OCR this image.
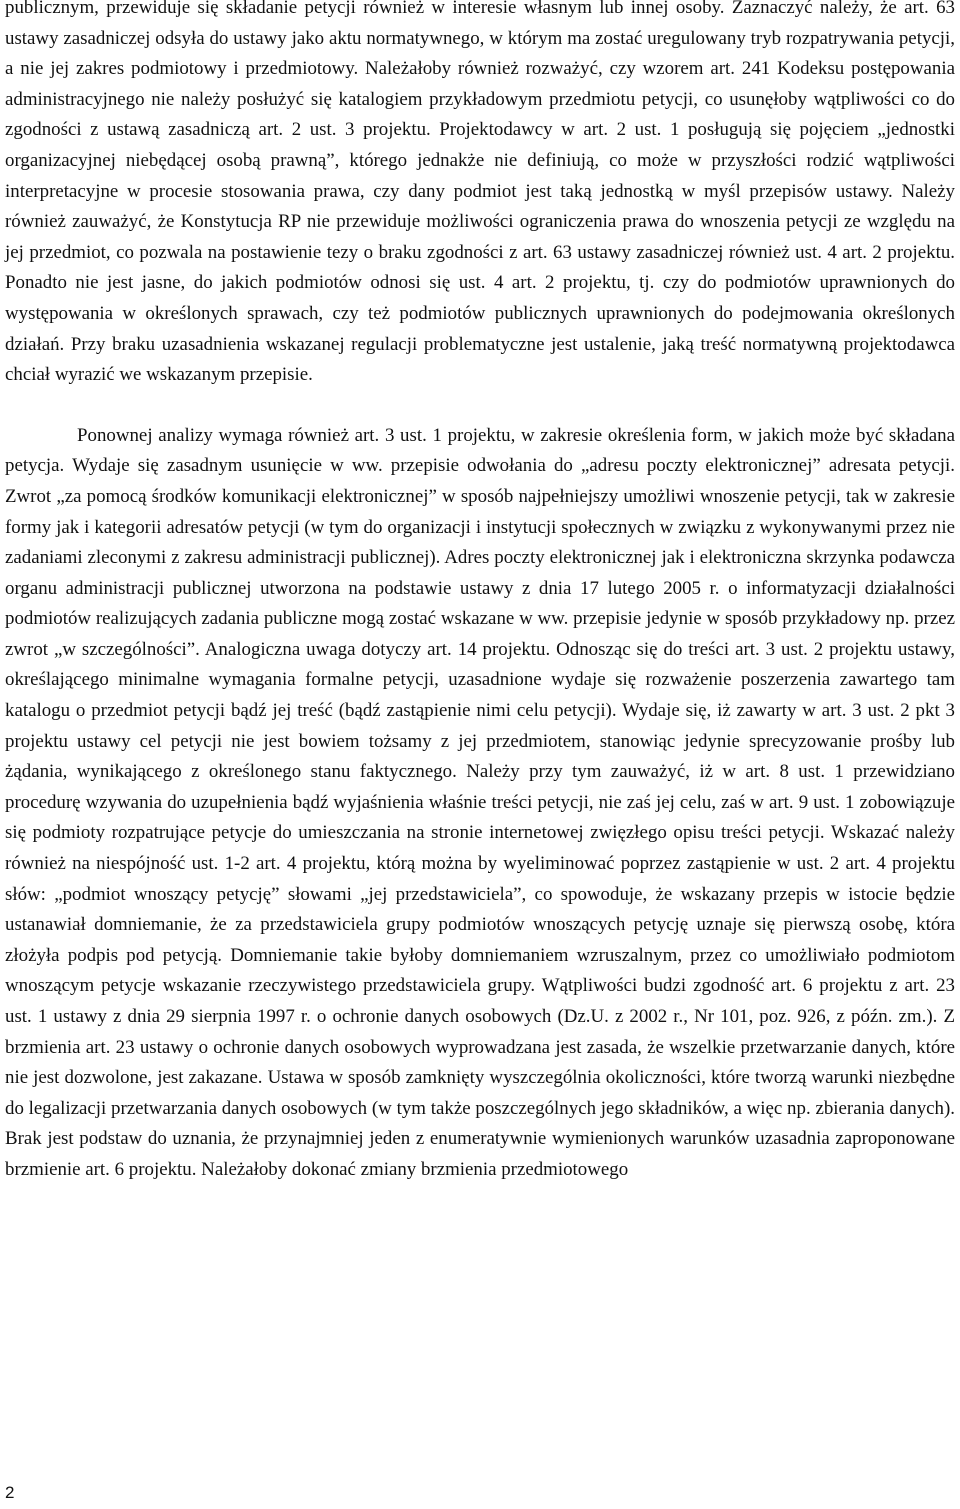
publicznym, przewiduje się składanie petycji również w interesie własnym lub innej osoby. Zaznaczyć należy, że art. 63 ustawy zasadniczej odsyła do ustawy jako aktu normatywnego, w którym ma zostać uregulowany tryb rozpatrywania petycji, a nie jej zakres podmiotowy i przedmiotowy. Należałoby również rozważyć, czy wzorem art. 241 Kodeksu postępowania administracyjnego nie należy posłużyć się katalogiem przykładowym przedmiotu petycji, co usunęłoby wątpliwości co do zgodności z ustawą zasadniczą art. 2 ust. 3 projektu. Projektodawcy w art. 2 ust. 1 posługują się pojęciem „jednostki organizacyjnej niebędącej osobą prawną”, którego jednakże nie definiują, co może w przyszłości rodzić wątpliwości interpretacyjne w procesie stosowania prawa, czy dany podmiot jest taką jednostką w myśl przepisów ustawy. Należy również zauważyć, że Konstytucja RP nie przewiduje możliwości ograniczenia prawa do wnoszenia petycji ze względu na jej przedmiot, co pozwala na postawienie tezy o braku zgodności z art. 63 ustawy zasadniczej również ust. 4 art. 2 projektu. Ponadto nie jest jasne, do jakich podmiotów odnosi się ust. 4 art. 2 projektu, tj. czy do podmiotów uprawnionych do występowania w określonych sprawach, czy też podmiotów publicznych uprawnionych do podejmowania określonych działań. Przy braku uzasadnienia wskazanej regulacji problematyczne jest ustalenie, jaką treść normatywną projektodawca chciał wyrazić we wskazanym przepisie.

Ponownej analizy wymaga również art. 3 ust. 1 projektu, w zakresie określenia form, w jakich może być składana petycja. Wydaje się zasadnym usunięcie w ww. przepisie odwołania do „adresu poczty elektronicznej” adresata petycji. Zwrot „za pomocą środków komunikacji elektronicznej” w sposób najpełniejszy umożliwi wnoszenie petycji, tak w zakresie formy jak i kategorii adresatów petycji (w tym do organizacji i instytucji społecznych w związku z wykonywanymi przez nie zadaniami zleconymi z zakresu administracji publicznej). Adres poczty elektronicznej jak i elektroniczna skrzynka podawcza organu administracji publicznej utworzona na podstawie ustawy z dnia 17 lutego 2005 r. o informatyzacji działalności podmiotów realizujących zadania publiczne mogą zostać wskazane w ww. przepisie jedynie w sposób przykładowy np. przez zwrot „w szczególności”. Analogiczna uwaga dotyczy art. 14 projektu. Odnosząc się do treści art. 3 ust. 2 projektu ustawy, określającego minimalne wymagania formalne petycji, uzasadnione wydaje się rozważenie poszerzenia zawartego tam katalogu o przedmiot petycji bądź jej treść (bądź zastąpienie nimi celu petycji). Wydaje się, iż zawarty w art. 3 ust. 2 pkt 3 projektu ustawy cel petycji nie jest bowiem tożsamy z jej przedmiotem, stanowiąc jedynie sprecyzowanie prośby lub żądania, wynikającego z określonego stanu faktycznego. Należy przy tym zauważyć, iż w art. 8 ust. 1 przewidziano procedurę wzywania do uzupełnienia bądź wyjaśnienia właśnie treści petycji, nie zaś jej celu, zaś w art. 9 ust. 1 zobowiązuje się podmioty rozpatrujące petycje do umieszczania na stronie internetowej zwięzłego opisu treści petycji. Wskazać należy również na niespójność ust. 1-2 art. 4 projektu, którą można by wyeliminować poprzez zastąpienie w ust. 2 art. 4 projektu słów: „podmiot wnoszący petycję” słowami „jej przedstawiciela”, co spowoduje, że wskazany przepis w istocie będzie ustanawiał domniemanie, że za przedstawiciela grupy podmiotów wnoszących petycję uznaje się pierwszą osobę, która złożyła podpis pod petycją. Domniemanie takie byłoby domniemaniem wzruszalnym, przez co umożliwiało podmiotom wnoszącym petycje wskazanie rzeczywistego przedstawiciela grupy. Wątpliwości budzi zgodność art. 6 projektu z art. 23 ust. 1 ustawy z dnia 29 sierpnia 1997 r. o ochronie danych osobowych (Dz.U. z 2002 r., Nr 101, poz. 926, z późn. zm.). Z brzmienia art. 23 ustawy o ochronie danych osobowych wyprowadzana jest zasada, że wszelkie przetwarzanie danych, które nie jest dozwolone, jest zakazane. Ustawa w sposób zamknięty wyszczególnia okoliczności, które tworzą warunki niezbędne do legalizacji przetwarzania danych osobowych (w tym także poszczególnych jego składników, a więc np. zbierania danych). Brak jest podstaw do uznania, że przynajmniej jeden z enumeratywnie wymienionych warunków uzasadnia zaproponowane brzmienie art. 6 projektu. Należałoby dokonać zmiany brzmienia przedmiotowego

2
